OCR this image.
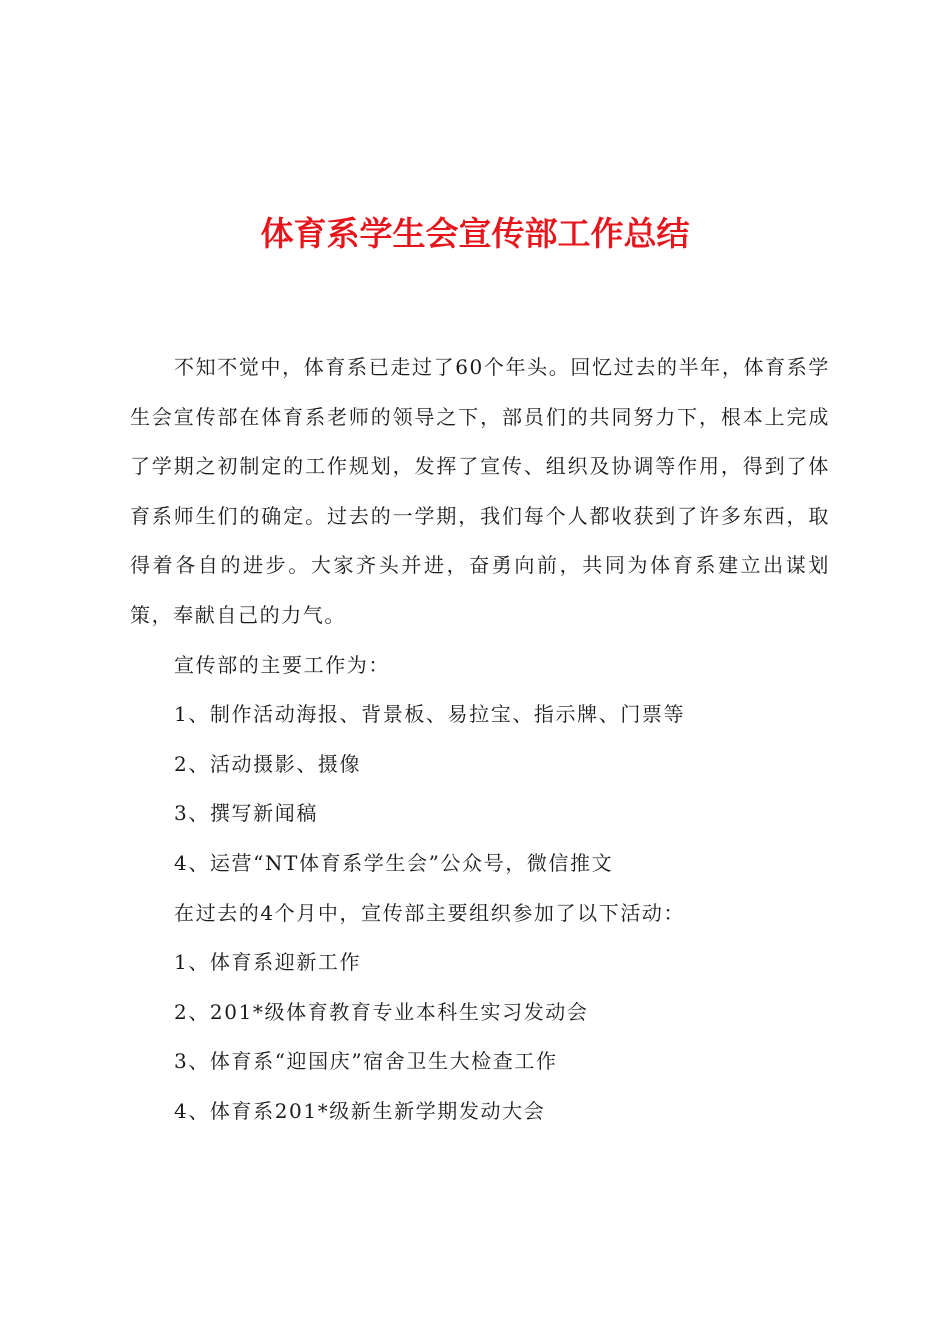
体育系学生会宣传部工作总结

不知不觉中，体育系已走过了60个年头。回忆过去的半年，体育系学生会宣传部在体育系老师的领导之下，部员们的共同努力下，根本上完成了学期之初制定的工作规划，发挥了宣传、组织及协调等作用，得到了体育系师生们的确定。过去的一学期，我们每个人都收获到了许多东西，取得着各自的进步。大家齐头并进，奋勇向前，共同为体育系建立出谋划策，奉献自己的力气。

宣传部的主要工作为：

1、制作活动海报、背景板、易拉宝、指示牌、门票等

2、活动摄影、摄像

3、撰写新闻稿

4、运营“NT体育系学生会”公众号，微信推文

在过去的4个月中，宣传部主要组织参加了以下活动：

1、体育系迎新工作

2、201*级体育教育专业本科生实习发动会

3、体育系“迎国庆”宿舍卫生大检查工作

4、体育系201*级新生新学期发动大会
